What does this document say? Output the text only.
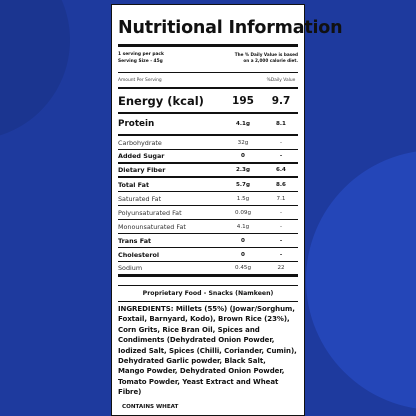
Nutritional Information
1 serving per pack
Serving Size - 45g
The % Daily Value is based on a 2,000 calorie diet.
Amount Per Serving	%Daily Value
Energy (kcal)	195	9.7
Protein	4.1g	8.1
Carbohydrate	32g	-
Added Sugar	0	-
Dietary Fiber	2.3g	6.4
Total Fat	5.7g	8.6
Saturated Fat	1.5g	7.1
Polyunsaturated Fat	0.09g	-
Monounsaturated Fat	4.1g	-
Trans Fat	0	-
Cholesterol	0	-
Sodium	0.45g	22
Proprietary Food - Snacks (Namkeen)
INGREDIENTS: Millets (55%) (Jowar/Sorghum,
Foxtail, Barnyard, Kodo), Brown Rice (23%),
Corn Grits, Rice Bran Oil, Spices and
Condiments (Dehydrated Onion Powder,
Iodized Salt, Spices (Chilli, Coriander, Cumin),
Dehydrated Garlic powder, Black Salt,
Mango Powder, Dehydrated Onion Powder,
Tomato Powder, Yeast Extract and Wheat Fibre)
CONTAINS WHEAT
